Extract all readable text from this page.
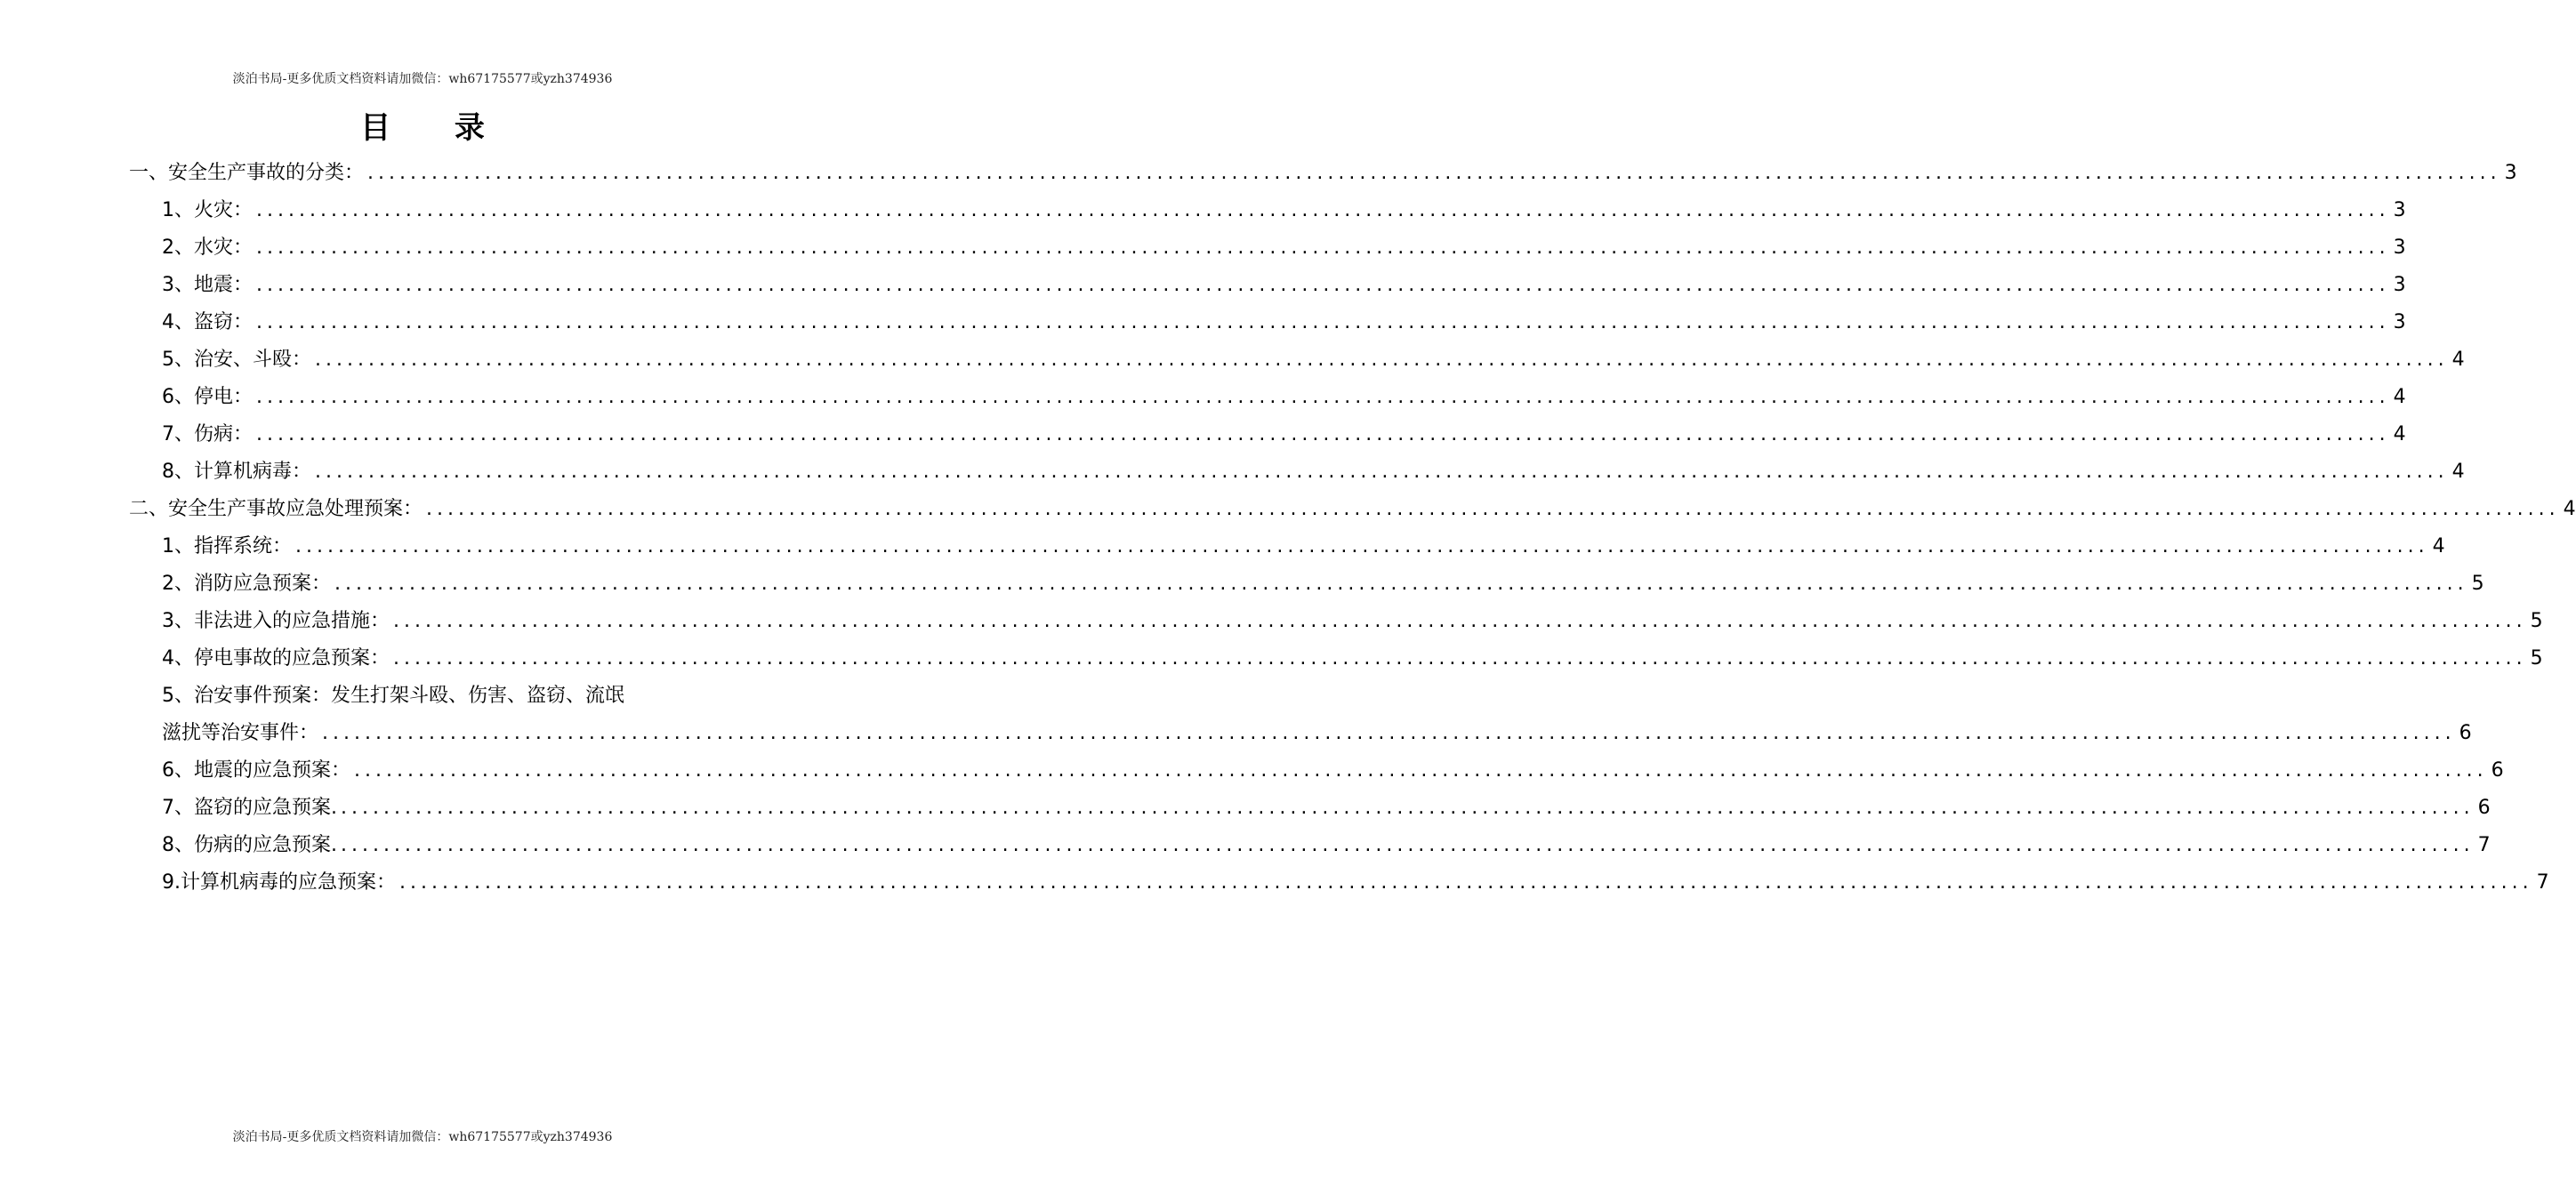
淡泊书局-更多优质文档资料请加微信：wh67175577或yzh374936
目 录
一、安全生产事故的分类： ........................................................................................................................................................................................................ 3
1、火灾： ........................................................................................................................................................................................................ 3
2、水灾： ........................................................................................................................................................................................................ 3
3、地震： ........................................................................................................................................................................................................ 3
4、盗窃： ........................................................................................................................................................................................................ 3
5、治安、斗殴： ........................................................................................................................................................................................................ 4
6、停电： ........................................................................................................................................................................................................ 4
7、伤病： ........................................................................................................................................................................................................ 4
8、计算机病毒： ........................................................................................................................................................................................................ 4
二、安全生产事故应急处理预案： ........................................................................................................................................................................................................ 4
1、指挥系统： ........................................................................................................................................................................................................ 4
2、消防应急预案： ........................................................................................................................................................................................................ 5
3、非法进入的应急措施： ........................................................................................................................................................................................................ 5
4、停电事故的应急预案： ........................................................................................................................................................................................................ 5
5、治安事件预案：发生打架斗殴、伤害、盗窃、流氓
滋扰等治安事件： ........................................................................................................................................................................................................ 6
6、地震的应急预案： ........................................................................................................................................................................................................ 6
7、盗窃的应急预案. ........................................................................................................................................................................................................ 6
8、伤病的应急预案. ........................................................................................................................................................................................................ 7
9.计算机病毒的应急预案： ........................................................................................................................................................................................................ 7
淡泊书局-更多优质文档资料请加微信：wh67175577或yzh374936
